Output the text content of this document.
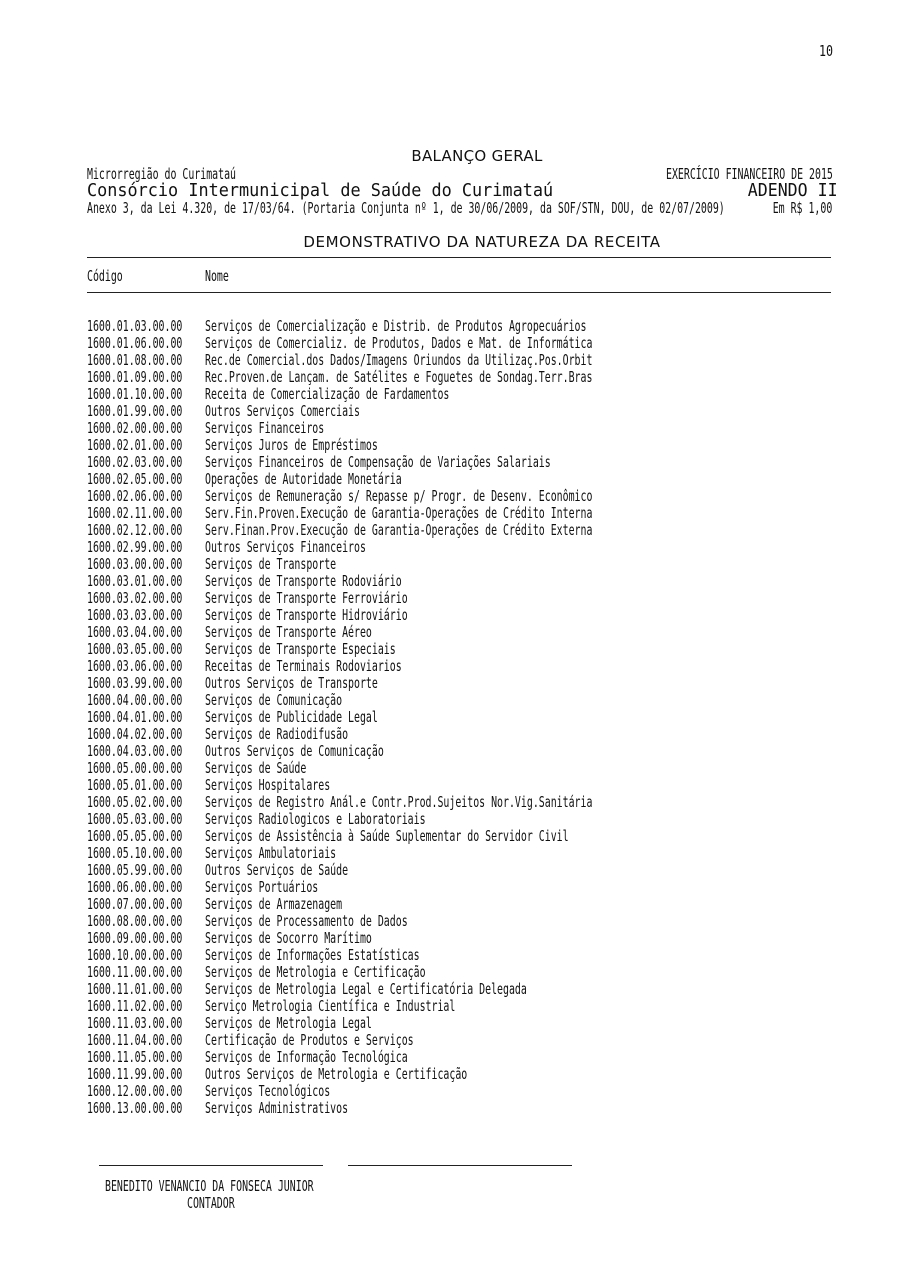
10
BALANÇO GERAL
Microrregião do Curimataú	EXERCÍCIO FINANCEIRO DE 2015
Consórcio Intermunicipal de Saúde do Curimataú	ADENDO II
Anexo 3, da Lei 4.320, de 17/03/64. (Portaria Conjunta nº 1, de 30/06/2009, da SOF/STN, DOU, de 02/07/2009)	Em R$ 1,00
DEMONSTRATIVO DA NATUREZA DA RECEITA
Código	Nome
1600.01.03.00.00 Serviços de Comercialização e Distrib. de Produtos Agropecuários
1600.01.06.00.00 Serviços de Comercializ. de Produtos, Dados e Mat. de Informática
1600.01.08.00.00 Rec.de Comercial.dos Dados/Imagens Oriundos da Utilizaç.Pos.Orbit
1600.01.09.00.00 Rec.Proven.de Lançam. de Satélites e Foguetes de Sondag.Terr.Bras
1600.01.10.00.00 Receita de Comercialização de Fardamentos
1600.01.99.00.00 Outros Serviços Comerciais
1600.02.00.00.00 Serviços Financeiros
1600.02.01.00.00 Serviços Juros de Empréstimos
1600.02.03.00.00 Serviços Financeiros de Compensação de Variações Salariais
1600.02.05.00.00 Operações de Autoridade Monetária
1600.02.06.00.00 Serviços de Remuneração s/ Repasse p/ Progr. de Desenv. Econômico
1600.02.11.00.00 Serv.Fin.Proven.Execução de Garantia-Operações de Crédito Interna
1600.02.12.00.00 Serv.Finan.Prov.Execução de Garantia-Operações de Crédito Externa
1600.02.99.00.00 Outros Serviços Financeiros
1600.03.00.00.00 Serviços de Transporte
1600.03.01.00.00 Serviços de Transporte Rodoviário
1600.03.02.00.00 Serviços de Transporte Ferroviário
1600.03.03.00.00 Serviços de Transporte Hidroviário
1600.03.04.00.00 Serviços de Transporte Aéreo
1600.03.05.00.00 Serviços de Transporte Especiais
1600.03.06.00.00 Receitas de Terminais Rodoviarios
1600.03.99.00.00 Outros Serviços de Transporte
1600.04.00.00.00 Serviços de Comunicação
1600.04.01.00.00 Serviços de Publicidade Legal
1600.04.02.00.00 Serviços de Radiodifusão
1600.04.03.00.00 Outros Serviços de Comunicação
1600.05.00.00.00 Serviços de Saúde
1600.05.01.00.00 Serviços Hospitalares
1600.05.02.00.00 Serviços de Registro Anál.e Contr.Prod.Sujeitos Nor.Vig.Sanitária
1600.05.03.00.00 Serviços Radiologicos e Laboratoriais
1600.05.05.00.00 Serviços de Assistência à Saúde Suplementar do Servidor Civil
1600.05.10.00.00 Serviços Ambulatoriais
1600.05.99.00.00 Outros Serviços de Saúde
1600.06.00.00.00 Serviços Portuários
1600.07.00.00.00 Serviços de Armazenagem
1600.08.00.00.00 Serviços de Processamento de Dados
1600.09.00.00.00 Serviços de Socorro Marítimo
1600.10.00.00.00 Serviços de Informações Estatísticas
1600.11.00.00.00 Serviços de Metrologia e Certificação
1600.11.01.00.00 Serviços de Metrologia Legal e Certificatória Delegada
1600.11.02.00.00 Serviço Metrologia Científica e Industrial
1600.11.03.00.00 Serviços de Metrologia Legal
1600.11.04.00.00 Certificação de Produtos e Serviços
1600.11.05.00.00 Serviços de Informação Tecnológica
1600.11.99.00.00 Outros Serviços de Metrologia e Certificação
1600.12.00.00.00 Serviços Tecnológicos
1600.13.00.00.00 Serviços Administrativos
BENEDITO VENANCIO DA FONSECA JUNIOR
CONTADOR
